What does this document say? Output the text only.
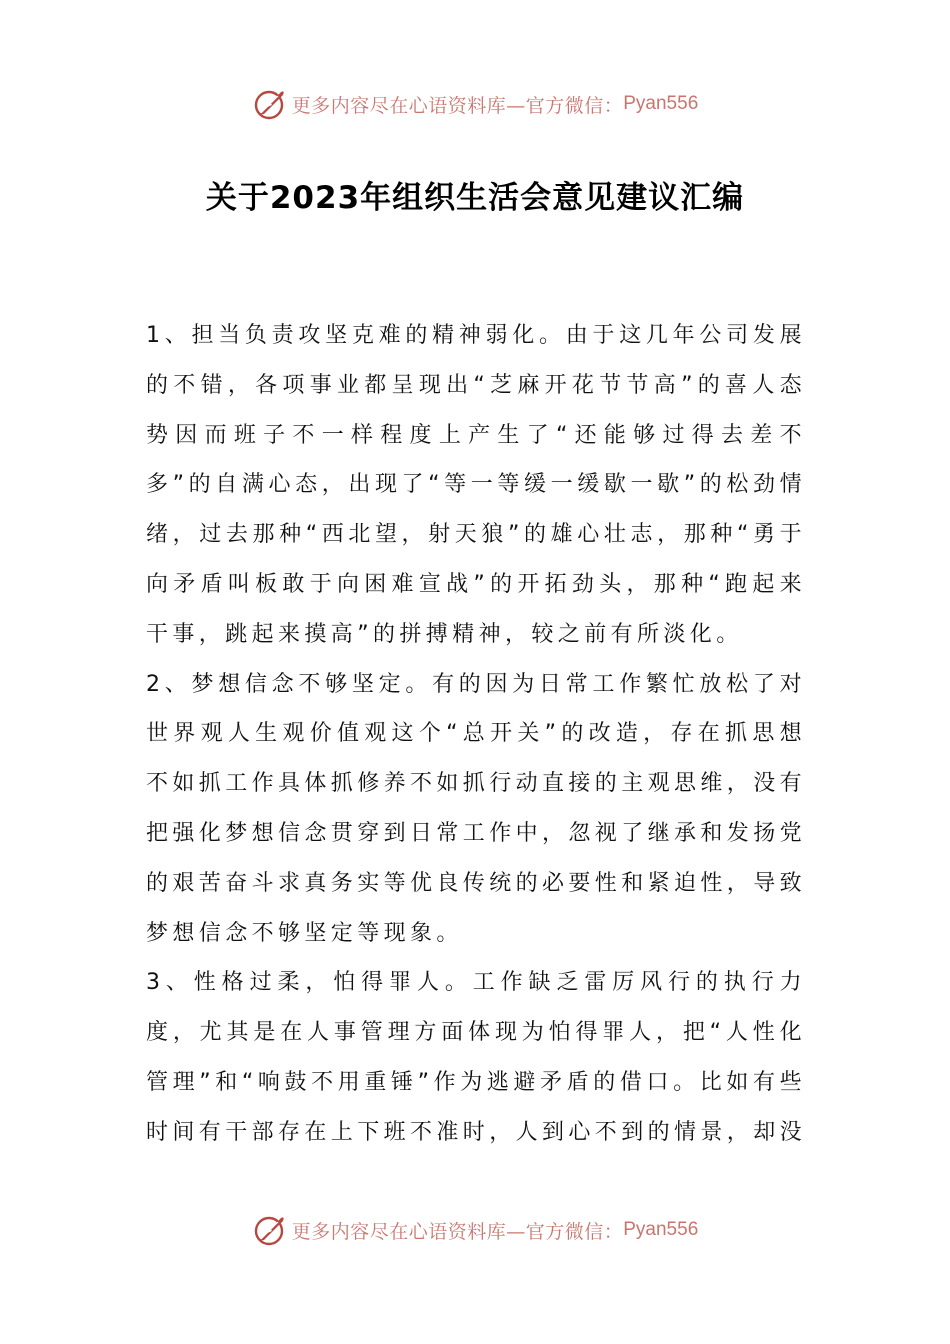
更多内容尽在心语资料库—官方微信： Pyan556
关于2023年组织生活会意见建议汇编

1、担当负责攻坚克难的精神弱化。由于这几年公司发展的不错，各项事业都呈现出“芝麻开花节节高”的喜人态势因而班子不一样程度上产生了“还能够过得去差不多”的自满心态，出现了“等一等缓一缓歇一歇”的松劲情绪，过去那种“西北望，射天狼”的雄心壮志，那种“勇于向矛盾叫板敢于向困难宣战”的开拓劲头，那种“跑起来干事，跳起来摸高”的拼搏精神，较之前有所淡化。

2、梦想信念不够坚定。有的因为日常工作繁忙放松了对世界观人生观价值观这个“总开关”的改造，存在抓思想不如抓工作具体抓修养不如抓行动直接的主观思维，没有把强化梦想信念贯穿到日常工作中，忽视了继承和发扬党的艰苦奋斗求真务实等优良传统的必要性和紧迫性，导致梦想信念不够坚定等现象。

3、性格过柔，怕得罪人。工作缺乏雷厉风行的执行力度，尤其是在人事管理方面体现为怕得罪人，把“人性化管理”和“响鼓不用重锤”作为逃避矛盾的借口。比如有些时间有干部存在上下班不准时，人到心不到的情景，却没

更多内容尽在心语资料库—官方微信： Pyan556
